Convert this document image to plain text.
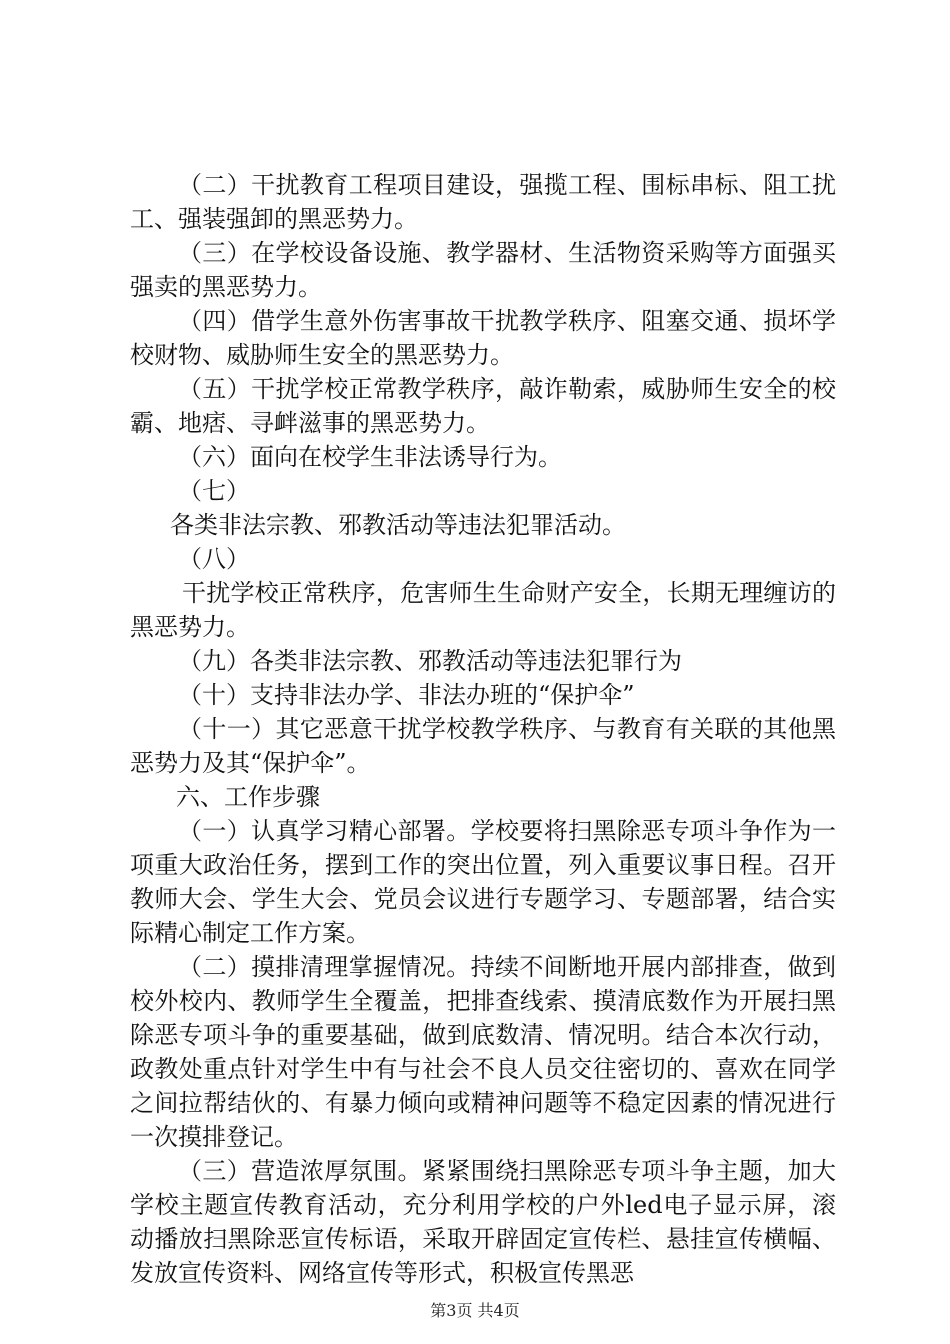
（二）干扰教育工程项目建设，强揽工程、围标串标、阻工扰工、强装强卸的黑恶势力。

（三）在学校设备设施、教学器材、生活物资采购等方面强买强卖的黑恶势力。

（四）借学生意外伤害事故干扰教学秩序、阻塞交通、损坏学校财物、威胁师生安全的黑恶势力。

（五）干扰学校正常教学秩序，敲诈勒索，威胁师生安全的校霸、地痞、寻衅滋事的黑恶势力。

（六）面向在校学生非法诱导行为。

（七）

各类非法宗教、邪教活动等违法犯罪活动。

（八）

干扰学校正常秩序，危害师生生命财产安全，长期无理缠访的黑恶势力。

（九）各类非法宗教、邪教活动等违法犯罪行为

（十）支持非法办学、非法办班的“保护伞”

（十一）其它恶意干扰学校教学秩序、与教育有关联的其他黑恶势力及其“保护伞”。

六、工作步骤

（一）认真学习精心部署。学校要将扫黑除恶专项斗争作为一项重大政治任务，摆到工作的突出位置，列入重要议事日程。召开教师大会、学生大会、党员会议进行专题学习、专题部署，结合实际精心制定工作方案。

（二）摸排清理掌握情况。持续不间断地开展内部排查，做到校外校内、教师学生全覆盖，把排查线索、摸清底数作为开展扫黑除恶专项斗争的重要基础，做到底数清、情况明。结合本次行动，政教处重点针对学生中有与社会不良人员交往密切的、喜欢在同学之间拉帮结伙的、有暴力倾向或精神问题等不稳定因素的情况进行一次摸排登记。

（三）营造浓厚氛围。紧紧围绕扫黑除恶专项斗争主题，加大学校主题宣传教育活动，充分利用学校的户外led电子显示屏，滚动播放扫黑除恶宣传标语，采取开辟固定宣传栏、悬挂宣传横幅、发放宣传资料、网络宣传等形式，积极宣传黑恶

第3页 共4页
